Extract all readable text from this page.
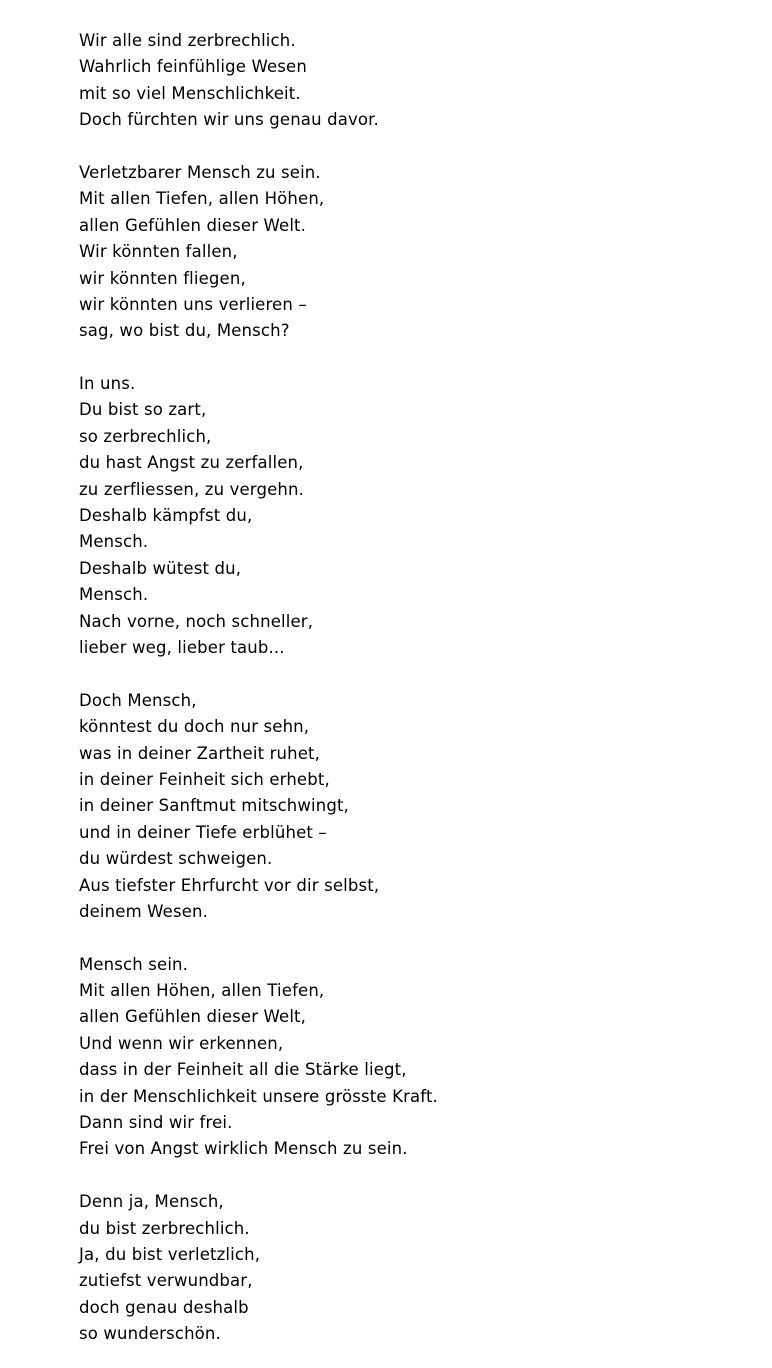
Wir alle sind zerbrechlich.
Wahrlich feinfühlige Wesen
mit so viel Menschlichkeit.
Doch fürchten wir uns genau davor.
Verletzbarer Mensch zu sein.
Mit allen Tiefen, allen Höhen,
allen Gefühlen dieser Welt.
Wir könnten fallen,
wir könnten fliegen,
wir könnten uns verlieren –
sag, wo bist du, Mensch?
In uns.
Du bist so zart,
so zerbrechlich,
du hast Angst zu zerfallen,
zu zerfliessen, zu vergehn.
Deshalb kämpfst du,
Mensch.
Deshalb wütest du,
Mensch.
Nach vorne, noch schneller,
lieber weg, lieber taub...
Doch Mensch,
könntest du doch nur sehn,
was in deiner Zartheit ruhet,
in deiner Feinheit sich erhebt,
in deiner Sanftmut mitschwingt,
und in deiner Tiefe erblühet –
du würdest schweigen.
Aus tiefster Ehrfurcht vor dir selbst,
deinem Wesen.
Mensch sein.
Mit allen Höhen, allen Tiefen,
allen Gefühlen dieser Welt,
Und wenn wir erkennen,
dass in der Feinheit all die Stärke liegt,
in der Menschlichkeit unsere grösste Kraft.
Dann sind wir frei.
Frei von Angst wirklich Mensch zu sein.
Denn ja, Mensch,
du bist zerbrechlich.
Ja, du bist verletzlich,
zutiefst verwundbar,
doch genau deshalb
so wunderschön.
